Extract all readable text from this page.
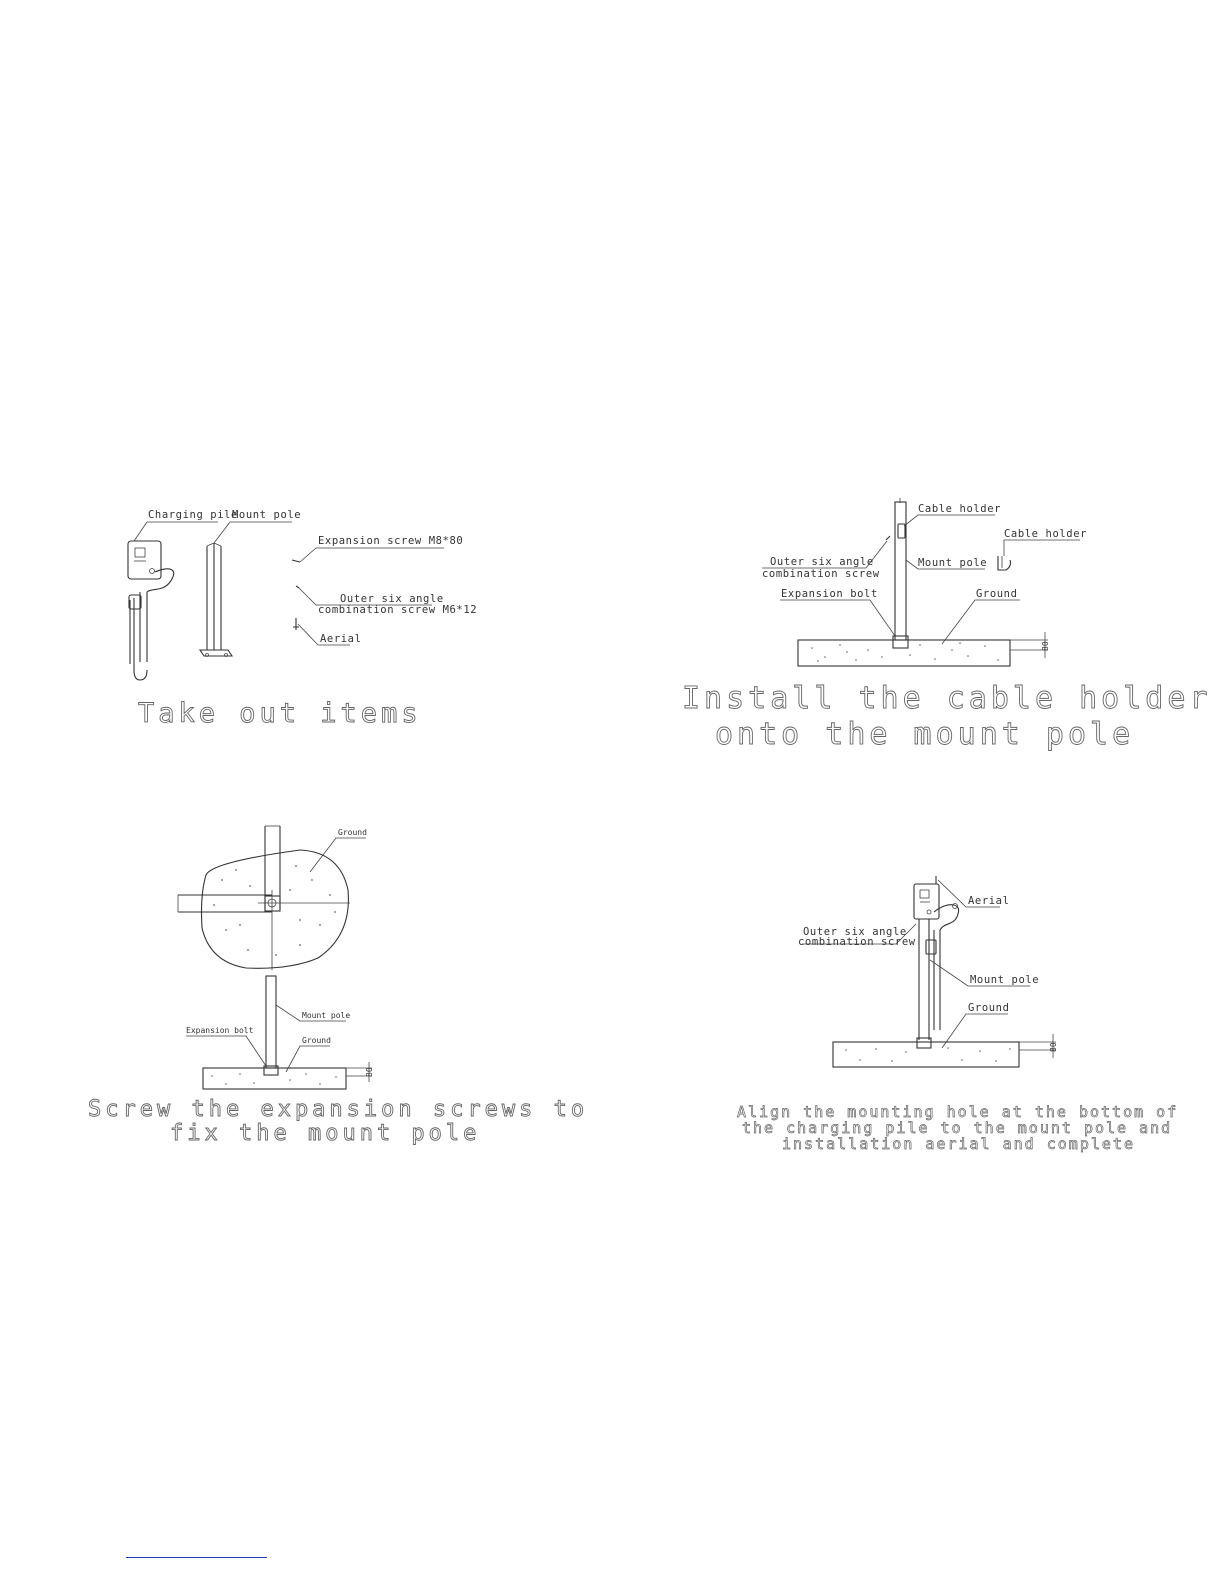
Charging pile
Mount pole
Expansion screw M8*80
Outer six angle
combination screw M6*12
Aerial
Take out items
80
Cable holder
Cable holder
Outer six angle
combination screw
Mount pole
Expansion bolt	Ground
Install the cable holder
onto the mount pole
80
Ground
Mount pole
Expansion bolt
Ground
Screw the expansion screws to
fix the mount pole
80
Aerial
Outer six angle
combination screw
Mount pole
Ground
Align the mounting hole at the bottom of
the charging pile to the mount pole and
installation aerial and complete
